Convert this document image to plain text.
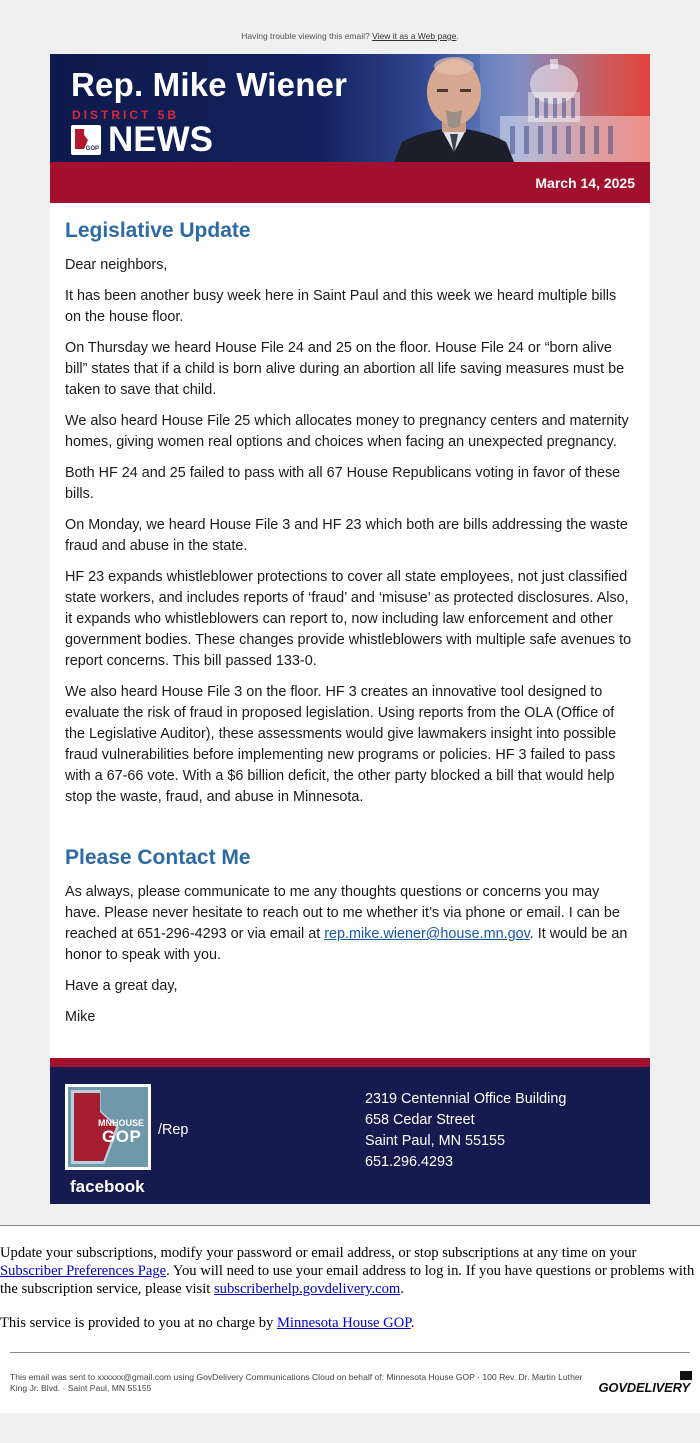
Having trouble viewing this email? View it as a Web page.
Rep. Mike Wiener
DISTRICT 5B
GOP NEWS
March 14, 2025
Legislative Update

Dear neighbors,

It has been another busy week here in Saint Paul and this week we heard multiple bills on the house floor.

On Thursday we heard House File 24 and 25 on the floor. House File 24 or “born alive bill” states that if a child is born alive during an abortion all life saving measures must be taken to save that child.

We also heard House File 25 which allocates money to pregnancy centers and maternity homes, giving women real options and choices when facing an unexpected pregnancy.

Both HF 24 and 25 failed to pass with all 67 House Republicans voting in favor of these bills.

On Monday, we heard House File 3 and HF 23 which both are bills addressing the waste fraud and abuse in the state.

HF 23 expands whistleblower protections to cover all state employees, not just classified state workers, and includes reports of ‘fraud’ and ‘misuse’ as protected disclosures. Also, it expands who whistleblowers can report to, now including law enforcement and other government bodies. These changes provide whistleblowers with multiple safe avenues to report concerns. This bill passed 133-0.

We also heard House File 3 on the floor. HF 3 creates an innovative tool designed to evaluate the risk of fraud in proposed legislation. Using reports from the OLA (Office of the Legislative Auditor), these assessments would give lawmakers insight into possible fraud vulnerabilities before implementing new programs or policies. HF 3 failed to pass with a 67-66 vote. With a $6 billion deficit, the other party blocked a bill that would help stop the waste, fraud, and abuse in Minnesota.

Please Contact Me

As always, please communicate to me any thoughts questions or concerns you may have. Please never hesitate to reach out to me whether it’s via phone or email. I can be reached at 651-296-4293 or via email at rep.mike.wiener@house.mn.gov. It would be an honor to speak with you.

Have a great day,

Mike

MNHOUSE
GOP
facebook
/Rep
2319 Centennial Office Building
658 Cedar Street
Saint Paul, MN 55155
651.296.4293

Update your subscriptions, modify your password or email address, or stop subscriptions at any time on your Subscriber Preferences Page. You will need to use your email address to log in. If you have questions or problems with the subscription service, please visit subscriberhelp.govdelivery.com.

This service is provided to you at no charge by Minnesota House GOP.

This email was sent to xxxxxx@gmail.com using GovDelivery Communications Cloud on behalf of: Minnesota House GOP · 100 Rev. Dr. Martin Luther King Jr. Blvd. · Saint Paul, MN 55155	GOVDELIVERY
